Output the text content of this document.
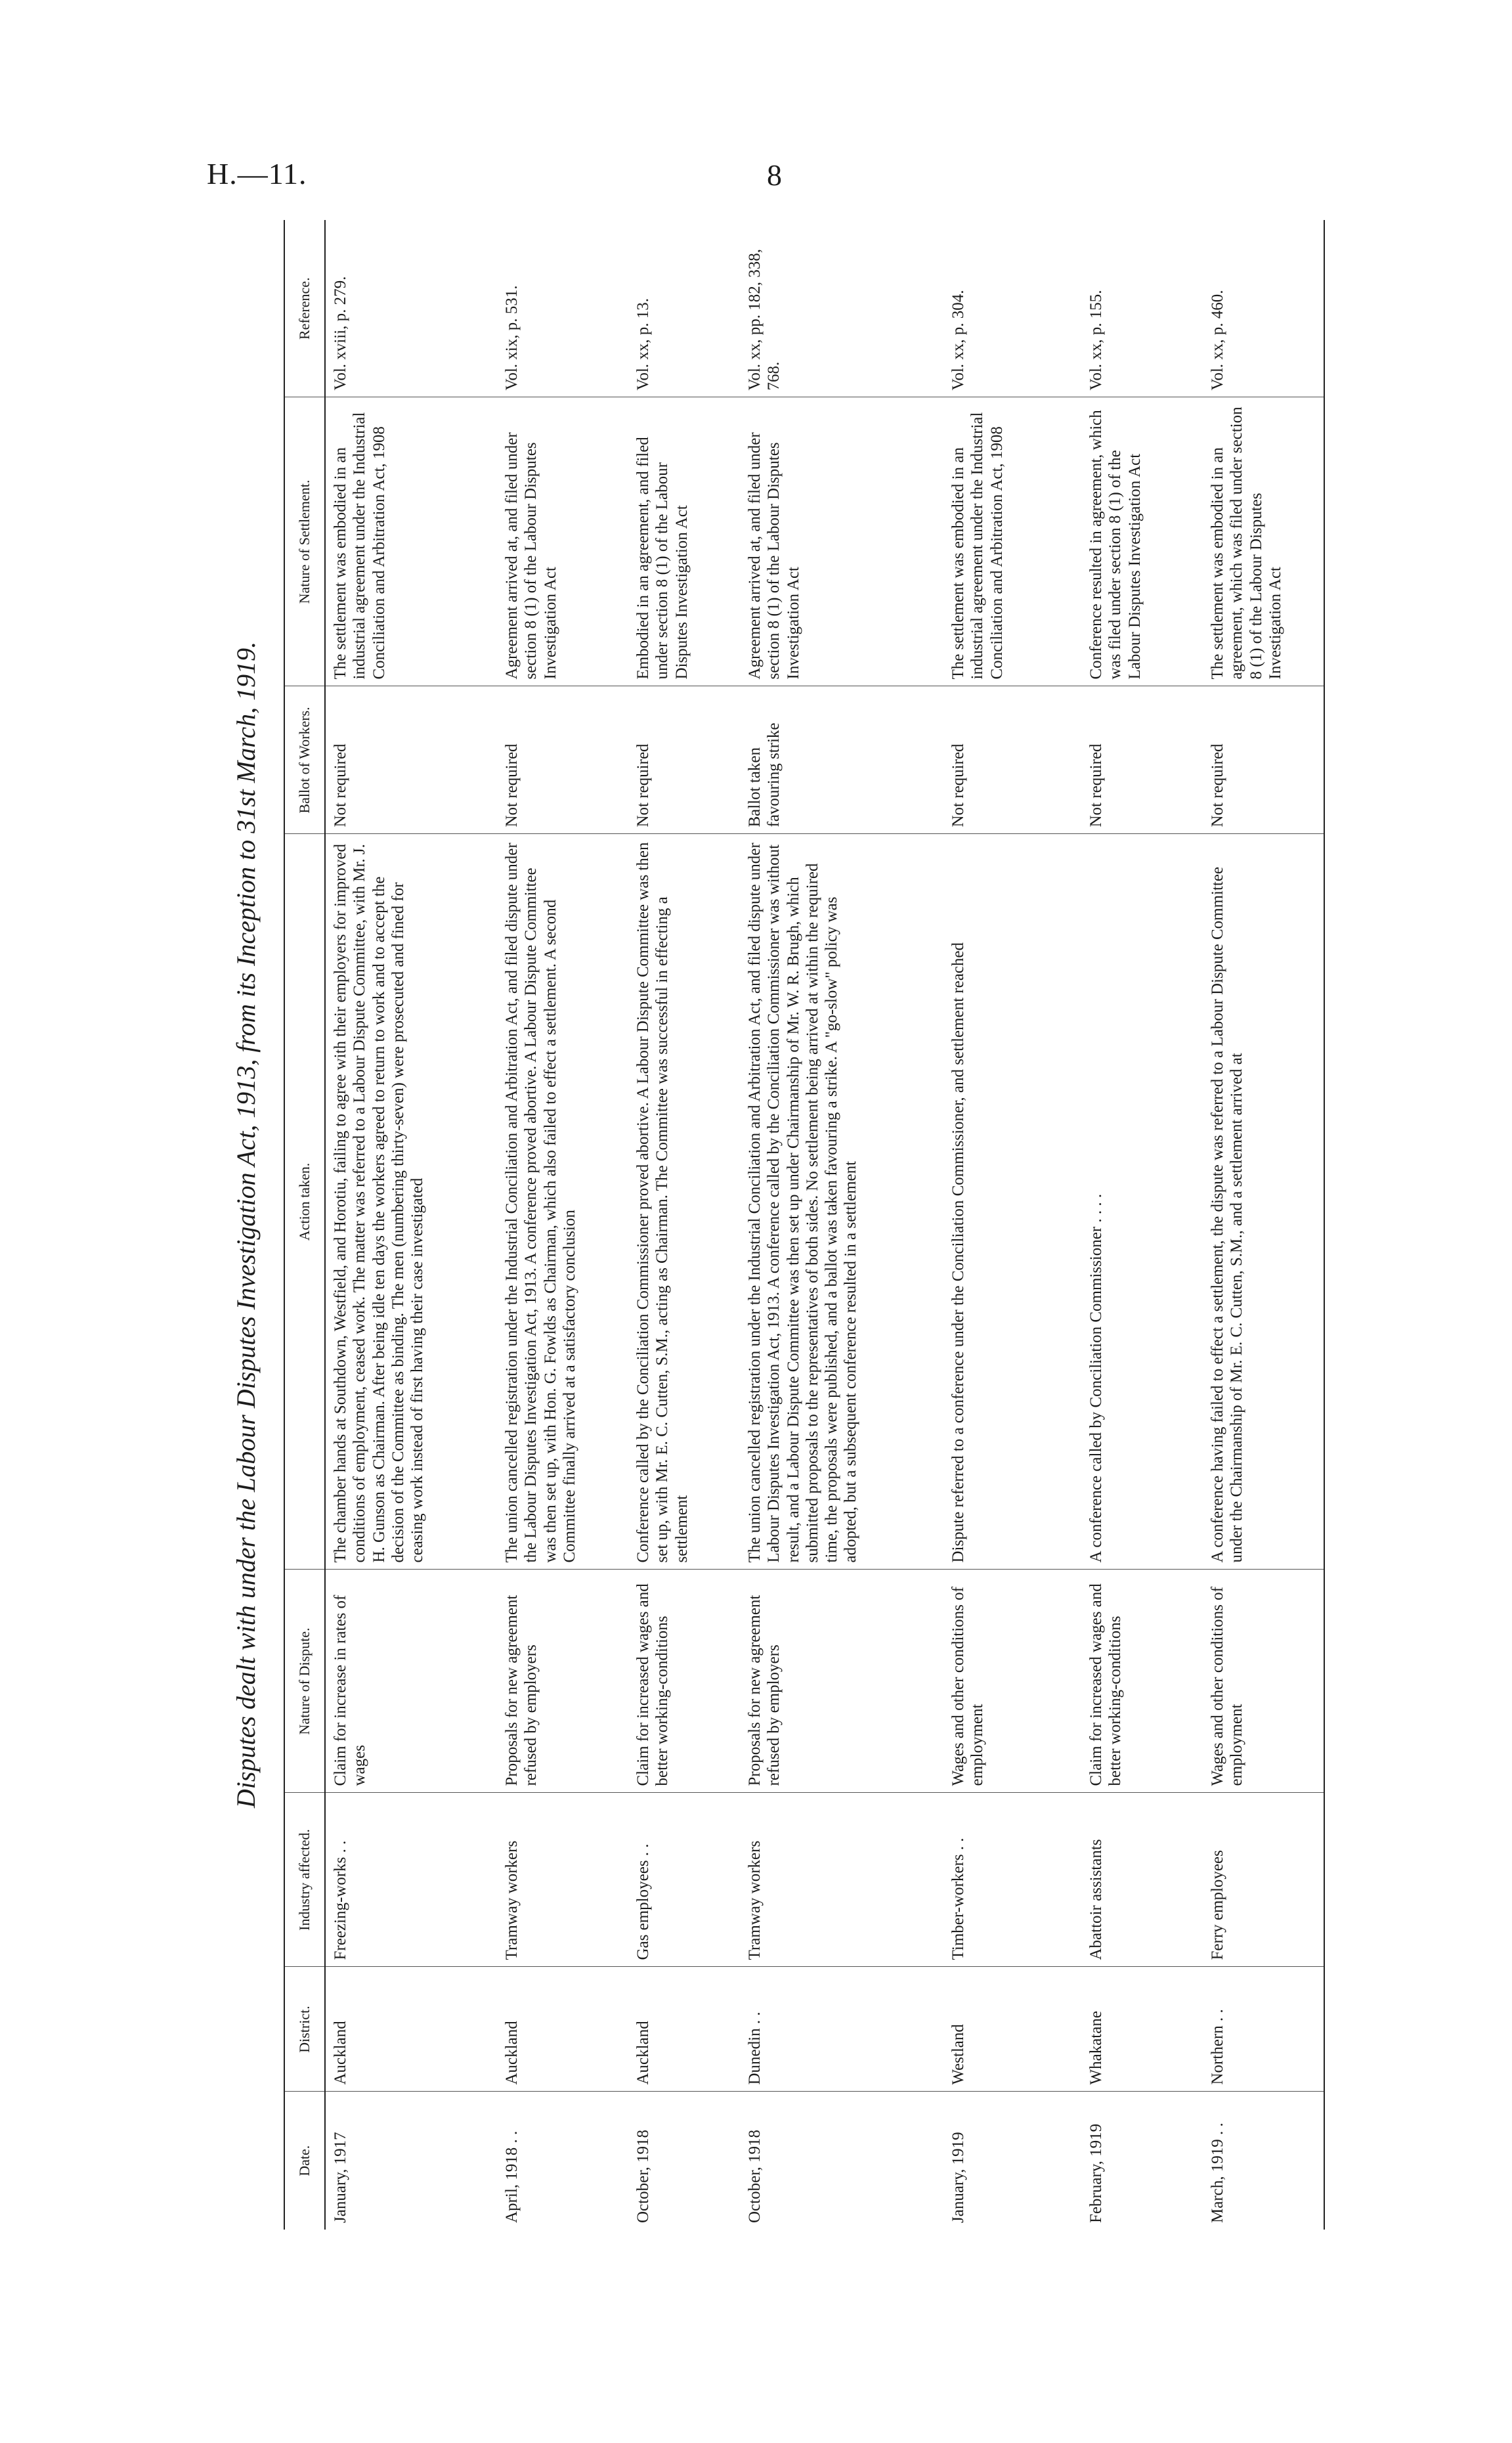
H.—11.	8
Disputes dealt with under the Labour Disputes Investigation Act, 1913, from its Inception to 31st March, 1919.
Date.	District.	Industry affected.	Nature of Dispute.	Action taken.	Ballot of Workers.	Nature of Settlement.	Reference.
January, 1917	Auckland	Freezing-works . .	Claim for increase in rates of wages	The chamber hands at Southdown, Westfield, and Horotiu, failing to agree with their employers for improved conditions of employment, ceased work. The matter was referred to a Labour Dispute Committee, with Mr. J. H. Gunson as Chairman. After being idle ten days the workers agreed to return to work and to accept the decision of the Committee as binding. The men (numbering thirty-seven) were prosecuted and fined for ceasing work instead of first having their case investigated	Not required	The settlement was embodied in an industrial agreement under the Industrial Conciliation and Arbitration Act, 1908	Vol. xviii, p. 279.
April, 1918 . .	Auckland	Tramway workers	Proposals for new agreement refused by employers	The union cancelled registration under the Industrial Conciliation and Arbitration Act, and filed dispute under the Labour Disputes Investigation Act, 1913. A conference proved abortive. A Labour Dispute Committee was then set up, with Hon. G. Fowlds as Chairman, which also failed to effect a settlement. A second Committee finally arrived at a satisfactory conclusion	Not required	Agreement arrived at, and filed under section 8 (1) of the Labour Disputes Investigation Act	Vol. xix, p. 531.
October, 1918	Auckland	Gas employees . .	Claim for increased wages and better working-conditions	Conference called by the Conciliation Commissioner proved abortive. A Labour Dispute Committee was then set up, with Mr. E. C. Cutten, S.M., acting as Chairman. The Committee was successful in effecting a settlement	Not required	Embodied in an agreement, and filed under section 8 (1) of the Labour Disputes Investigation Act	Vol. xx, p. 13.
October, 1918	Dunedin . .	Tramway workers	Proposals for new agreement refused by employers	The union cancelled registration under the Industrial Conciliation and Arbitration Act, and filed dispute under Labour Disputes Investigation Act, 1913. A conference called by the Conciliation Commissioner was without result, and a Labour Dispute Committee was then set up under Chairmanship of Mr. W. R. Brugh, which submitted proposals to the representatives of both sides. No settlement being arrived at within the required time, the proposals were published, and a ballot was taken favouring a strike. A "go-slow" policy was adopted, but a subsequent conference resulted in a settlement	Ballot taken favouring strike	Agreement arrived at, and filed under section 8 (1) of the Labour Disputes Investigation Act	Vol. xx, pp. 182, 338, 768.
January, 1919	Westland	Timber-workers . .	Wages and other conditions of employment	Dispute referred to a conference under the Conciliation Commissioner, and settlement reached	Not required	The settlement was embodied in an industrial agreement under the Industrial Conciliation and Arbitration Act, 1908	Vol. xx, p. 304.
February, 1919	Whakatane	Abattoir assistants	Claim for increased wages and better working-conditions	A conference called by Conciliation Commissioner . . . .	Not required	Conference resulted in agreement, which was filed under section 8 (1) of the Labour Disputes Investigation Act	Vol. xx, p. 155.
March, 1919 . .	Northern . .	Ferry employees	Wages and other conditions of employment	A conference having failed to effect a settlement, the dispute was referred to a Labour Dispute Committee under the Chairmanship of Mr. E. C. Cutten, S.M., and a settlement arrived at	Not required	The settlement was embodied in an agreement, which was filed under section 8 (1) of the Labour Disputes Investigation Act	Vol. xx, p. 460.
